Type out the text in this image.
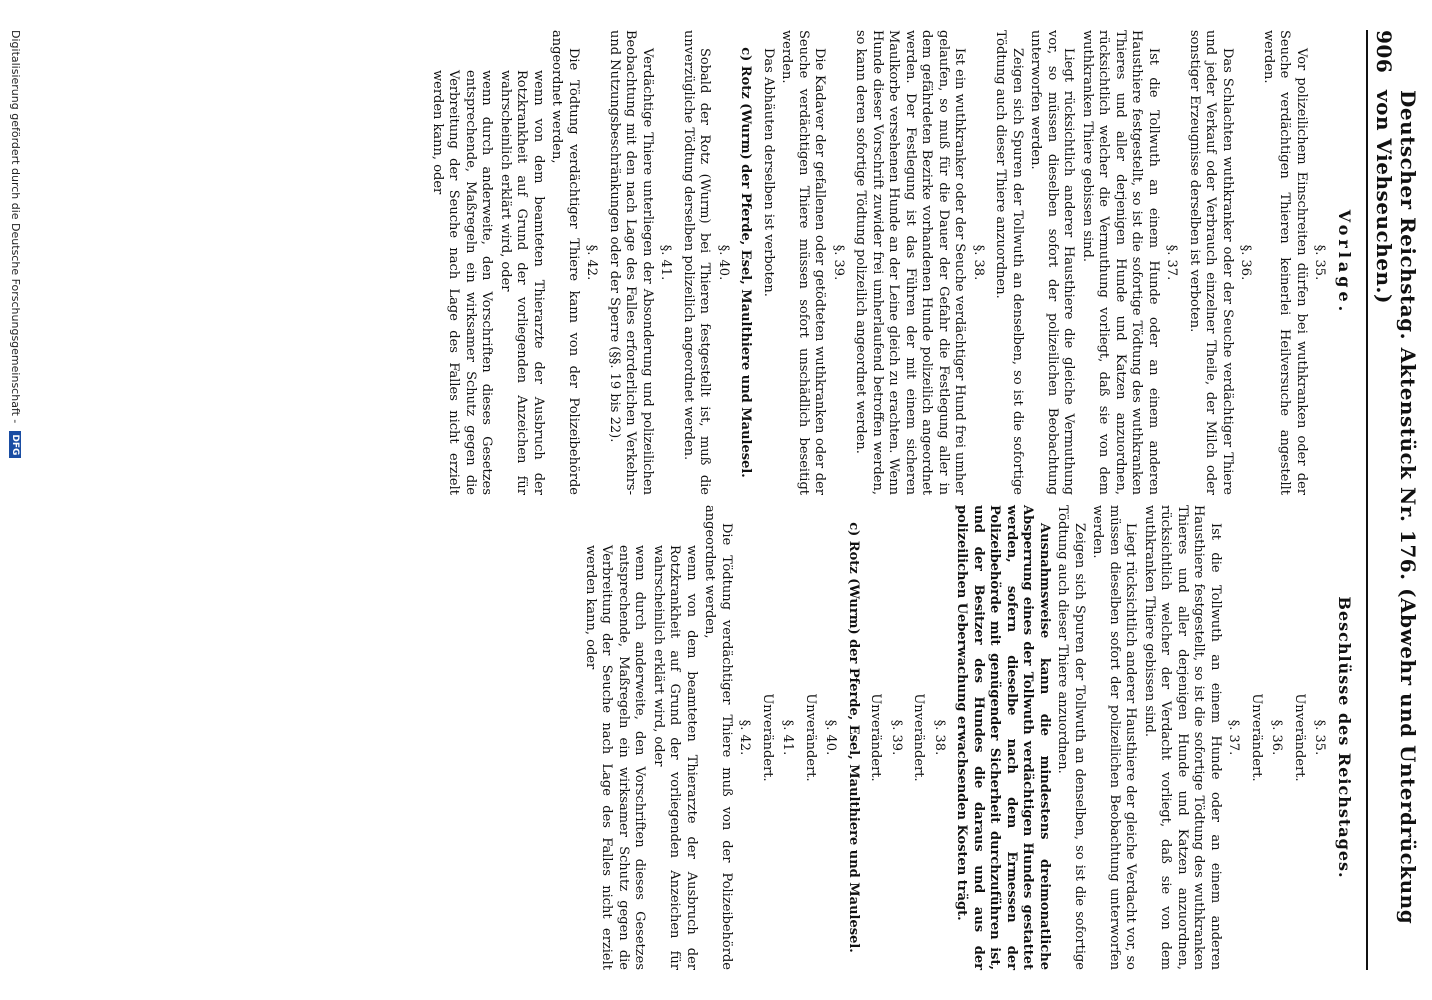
906
Deutscher Reichstag. Aktenstück Nr. 176. (Abwehr und Unterdrückung von Viehseuchen.)
Vorlage.
§. 35.

Vor polizeilichem Einschreiten dürfen bei wuthkranken oder der Seuche verdächtigen Thieren keinerlei Heilversuche angestellt werden.

§. 36.

Das Schlachten wuthkranker oder der Seuche verdächtiger Thiere und jeder Verkauf oder Verbrauch einzelner Theile, der Milch oder sonstiger Erzeugnisse derselben ist verboten.

§. 37.

Ist die Tollwuth an einem Hunde oder an einem anderen Hausthiere festgestellt, so ist die sofortige Tödtung des wuthkranken Thieres und aller derjenigen Hunde und Katzen anzuordnen, rücksichtlich welcher die Vermuthung vorliegt, daß sie von dem wuthkranken Thiere gebissen sind.

Liegt rücksichtlich anderer Hausthiere die gleiche Vermuthung vor, so müssen dieselben sofort der polizeilichen Beobachtung unterworfen werden.

Zeigen sich Spuren der Tollwuth an denselben, so ist die sofortige Tödtung auch dieser Thiere anzuordnen.

§. 38.

Ist ein wuthkranker oder der Seuche verdächtiger Hund frei umher gelaufen, so muß für die Dauer der Gefahr die Festlegung aller in dem gefährdeten Bezirke vorhandenen Hunde polizeilich angeordnet werden. Der Festlegung ist das Führen der mit einem sicheren Maulkorbe versehenen Hunde an der Leine gleich zu erachten. Wenn Hunde dieser Vorschrift zuwider frei umherlaufend betroffen werden, so kann deren sofortige Tödtung polizeilich angeordnet werden.

§. 39.

Die Kadaver der gefallenen oder getödteten wuthkranken oder der Seuche verdächtigen Thiere müssen sofort unschädlich beseitigt werden.

Das Abhäuten derselben ist verboten.

c) Rotz (Wurm) der Pferde, Esel, Maulthiere und Maulesel.
§. 40.

Sobald der Rotz (Wurm) bei Thieren festgestellt ist, muß die unverzügliche Tödtung derselben polizeilich angeordnet werden.

§. 41.

Verdächtige Thiere unterliegen der Absonderung und polizeilichen Beobachtung mit den nach Lage des Falles erforderlichen Verkehrs- und Nutzungsbeschränkungen oder der Sperre (§§. 19 bis 22).

§. 42.

Die Tödtung verdächtiger Thiere kann von der Polizeibehörde angeordnet werden,

wenn von dem beamteten Thierarzte der Ausbruch der Rotzkrankheit auf Grund der vorliegenden Anzeichen für wahrscheinlich erklärt wird, oder

wenn durch anderweite, den Vorschriften dieses Gesetzes entsprechende, Maßregeln ein wirksamer Schutz gegen die Verbreitung der Seuche nach Lage des Falles nicht erzielt werden kann, oder

Beschlüsse des Reichstages.
§. 35.
Unverändert.
§. 36.
Unverändert.
§. 37.

Ist die Tollwuth an einem Hunde oder an einem anderen Hausthiere festgestellt, so ist die sofortige Tödtung des wuthkranken Thieres und aller derjenigen Hunde und Katzen anzuordnen, rücksichtlich welcher der Verdacht vorliegt, daß sie von dem wuthkranken Thiere gebissen sind.

Liegt rücksichtlich anderer Hausthiere der gleiche Verdacht vor, so müssen dieselben sofort der polizeilichen Beobachtung unterworfen werden.

Zeigen sich Spuren der Tollwuth an denselben, so ist die sofortige Tödtung auch dieser Thiere anzuordnen.

Ausnahmsweise kann die mindestens dreimonatliche Absperrung eines der Tollwuth verdächtigen Hundes gestattet werden, sofern dieselbe nach dem Ermessen der Polizeibehörde mit genügender Sicherheit durchzuführen ist, und der Besitzer des Hundes die daraus und aus der polizeilichen Ueberwachung erwachsenden Kosten trägt.

§. 38.
Unverändert.
§. 39.
Unverändert.
c) Rotz (Wurm) der Pferde, Esel, Maulthiere und Maulesel.
§. 40.
Unverändert.
§. 41.
Unverändert.
§. 42.

Die Tödtung verdächtiger Thiere muß von der Polizeibehörde angeordnet werden,

wenn von dem beamteten Thierarzte der Ausbruch der Rotzkrankheit auf Grund der vorliegenden Anzeichen für wahrscheinlich erklärt wird, oder

wenn durch anderweite, den Vorschriften dieses Gesetzes entsprechende, Maßregeln ein wirksamer Schutz gegen die Verbreitung der Seuche nach Lage des Falles nicht erzielt werden kann, oder

Digitalisierung gefördert durch die Deutsche Forschungsgemeinschaft -
DFG
